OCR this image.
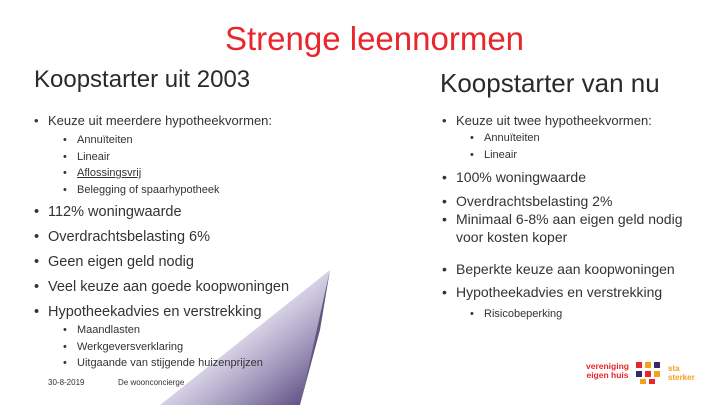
Strenge leennormen
Koopstarter uit 2003
• Keuze uit meerdere hypotheekvormen:
• Annuïteiten
• Lineair
• Aflossingsvrij
• Belegging of spaarhypotheek
• 112% woningwaarde
• Overdrachtsbelasting 6%
• Geen eigen geld nodig
• Veel keuze aan goede koopwoningen
• Hypotheekadvies en verstrekking
• Maandlasten
• Werkgeversverklaring
• Uitgaande van stijgende huizenprijzen
Koopstarter van nu
• Keuze uit twee hypotheekvormen:
• Annuïteiten
• Lineair
• 100% woningwaarde
• Overdrachtsbelasting 2%
• Minimaal 6-8% aan eigen geld nodig voor kosten koper
• Beperkte keuze aan koopwoningen
• Hypotheekadvies en verstrekking
• Risicobeperking
30-8-2019	De woonconcierge
vereniging
eigen huis
sta
sterker
